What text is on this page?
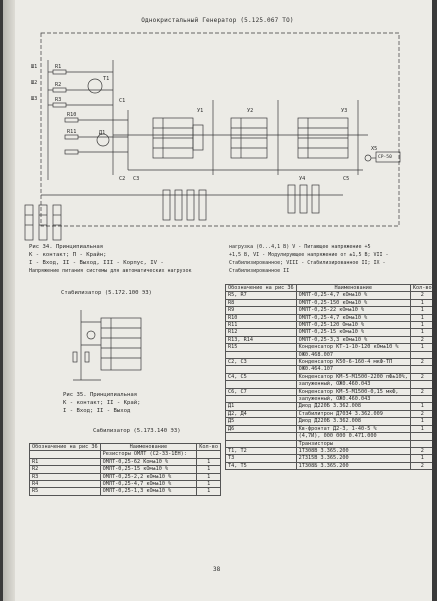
Однокристальный Генератор (5.125.067 ТО)
Ш1
Ш2
Ш3
R1
R2
R3
R10
R11
Т1
C1
C2 C3
Д1
У1	У2	У3
C5
У4
Х5
СР-50
Рис 34. Принципиальная
К - контакт; П - Крайн;
I - Вход, II - Выход, III - Корпус, IV -
Напряжение питания системы для автоматических нагрузок
нагрузка (0...4,1 В) V - Питающее напряжение +5
+1,5 В, VI - Модулирующее напряжение от ±1,5 В; VII -
Стабилизированное; VIII - Стабилизированное II; IX -
Стабилизированное II
Стабилизатор (5.172.100 ЭЗ)
Рис 35. Принципиальная
К - контакт; II - Край;
I - Вход; II - Выход
Сабилизатор (5.173.140 ЭЗ)
Обозначение на рис 36	Наименование	Кол-во
	Резисторы ОМЛТ (С2-33-1ЕН):	
R1	ОМЛТ-0,25-62 Ком±10 %	1
R2	ОМЛТ-0,25-15 кОм±10 %	1
R3	ОМЛТ-0,25-2,2 кОм±10 %	1
R4	ОМЛТ-0,25-4,7 кОм±10 %	1
R5	ОМЛТ-0,25-1,3 кОм±10 %	1
Обозначение на рис 36	Наименование	Кол-во
R5, R7	ОМЛТ-0,25-4,7 кОм±10 %	2
R8	ОМЛТ-0,25-150 кОм±10 %	1
R9	ОМЛТ-0,25-22 кОм±10 %	1
R10	ОМЛТ-0,25-4,7 кОм±10 %	1
R11	ОМЛТ-0,25-120 Ом±10 %	1
R12	ОМЛТ-0,25-15 кОм±10 %	1
R13, R14	ОМЛТ-0,25-3,3 кОм±10 %	2
R15	Конденсатор КТ-1-10-120 кОм±10 %	1
	ОЖ0.468.007	
С2, С3	Конденсатор К50-6-160-4 мкФ-ТП	2
	ОЖ0.464.107	
С4, С5	Конденсатор КМ-5-М1500-2200 пФ±10%,	2
	залуженный, ОЖ0.460.043	
С6, С7	Конденсатор КМ-5-М1500-0,15 мкФ,	2
	залуженный, ОЖ0.460.043	
Д1	Диод Д220Б 3.362.008	1
Д2, Д4	Стабилитрон Д7034 3.362.009	2
Д5	Диод Д220Б 3.362.008	1
Д6	Кв-фронтат Д2-3, 1-40-5 %	1
	(4,7И), 000 000 0.471.000	
	Транзисторы	
Т1, Т2	1Т308В 3.365.200	2
Т3	2Т315В 3.365.200	1
Т4, Т5	1Т308Б 3.365.200	2
38
